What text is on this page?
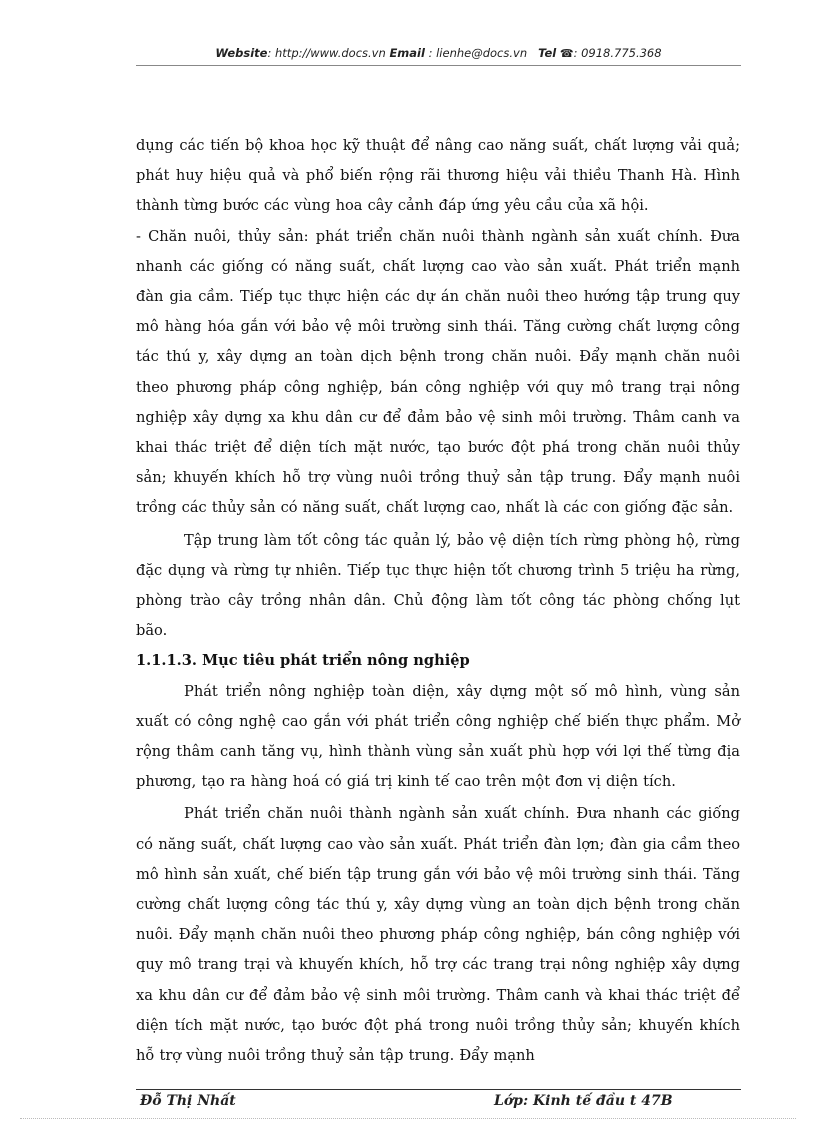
Website: http://www.docs.vn Email : lienhe@docs.vn Tel ☎: 0918.775.368

dụng các tiến bộ khoa học kỹ thuật để nâng cao năng suất, chất lượng vải quả; phát huy hiệu quả và phổ biến rộng rãi thương hiệu vải thiều Thanh Hà. Hình thành từng bước các vùng hoa cây cảnh đáp ứng yêu cầu của xã hội.

- Chăn nuôi, thủy sản: phát triển chăn nuôi thành ngành sản xuất chính. Đưa nhanh các giống có năng suất, chất lượng cao vào sản xuất. Phát triển mạnh đàn gia cầm. Tiếp tục thực hiện các dự án chăn nuôi theo hướng tập trung quy mô hàng hóa gắn với bảo vệ môi trường sinh thái. Tăng cường chất lượng công tác thú y, xây dựng an toàn dịch bệnh trong chăn nuôi. Đẩy mạnh chăn nuôi theo phương pháp công nghiệp, bán công nghiệp với quy mô trang trại nông nghiệp xây dựng xa khu dân cư để đảm bảo vệ sinh môi trường. Thâm canh va khai thác triệt để diện tích mặt nước, tạo bước đột phá trong chăn nuôi thủy sản; khuyến khích hỗ trợ vùng nuôi trồng thuỷ sản tập trung. Đẩy mạnh nuôi trồng các thủy sản có năng suất, chất lượng cao, nhất là các con giống đặc sản.

Tập trung làm tốt công tác quản lý, bảo vệ diện tích rừng phòng hộ, rừng đặc dụng và rừng tự nhiên. Tiếp tục thực hiện tốt chương trình 5 triệu ha rừng, phòng trào cây trồng nhân dân. Chủ động làm tốt công tác phòng chống lụt bão.

1.1.1.3. Mục tiêu phát triển nông nghiệp

Phát triển nông nghiệp toàn diện, xây dựng một số mô hình, vùng sản xuất có công nghệ cao gắn với phát triển công nghiệp chế biến thực phẩm. Mở rộng thâm canh tăng vụ, hình thành vùng sản xuất phù hợp với lợi thế từng địa phương, tạo ra hàng hoá có giá trị kinh tế cao trên một đơn vị diện tích.

Phát triển chăn nuôi thành ngành sản xuất chính. Đưa nhanh các giống có năng suất, chất lượng cao vào sản xuất. Phát triển đàn lợn; đàn gia cầm theo mô hình sản xuất, chế biến tập trung gắn với bảo vệ môi trường sinh thái. Tăng cường chất lượng công tác thú y, xây dựng vùng an toàn dịch bệnh trong chăn nuôi. Đẩy mạnh chăn nuôi theo phương pháp công nghiệp, bán công nghiệp với quy mô trang trại và khuyến khích, hỗ trợ các trang trại nông nghiệp xây dựng xa khu dân cư để đảm bảo vệ sinh môi trường. Thâm canh và khai thác triệt để diện tích mặt nước, tạo bước đột phá trong nuôi trồng thủy sản; khuyến khích hỗ trợ vùng nuôi trồng thuỷ sản tập trung. Đẩy mạnh

Đỗ Thị Nhất	Lớp: Kinh tế đầu t 47B
